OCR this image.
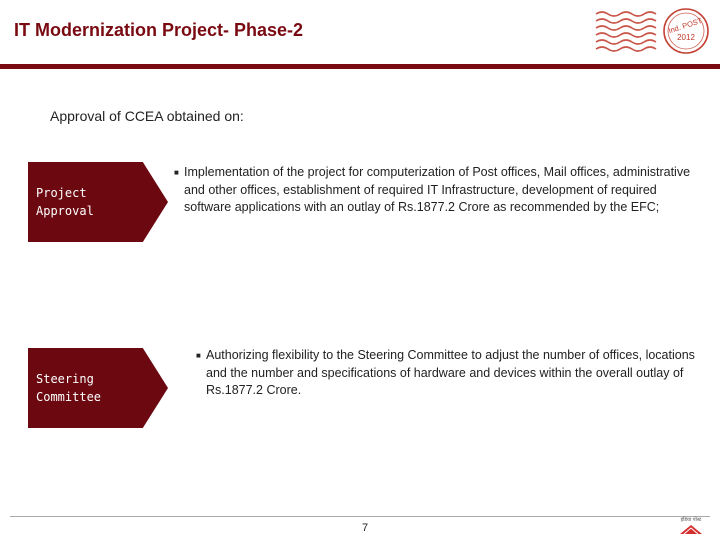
IT Modernization Project- Phase-2	Ind. POST
2012
Approval of CCEA obtained on:
Project
Approval
■ Implementation of the project for computerization of Post offices, Mail offices, administrative and other offices, establishment of required IT Infrastructure, development of required software applications with an outlay of Rs.1877.2 Crore as recommended by the EFC;
Steering
Committee
■ Authorizing flexibility to the Steering Committee to adjust the number of offices, locations and the number and specifications of hardware and devices within the overall outlay of Rs.1877.2 Crore.
7
इंडिया पोस्ट
